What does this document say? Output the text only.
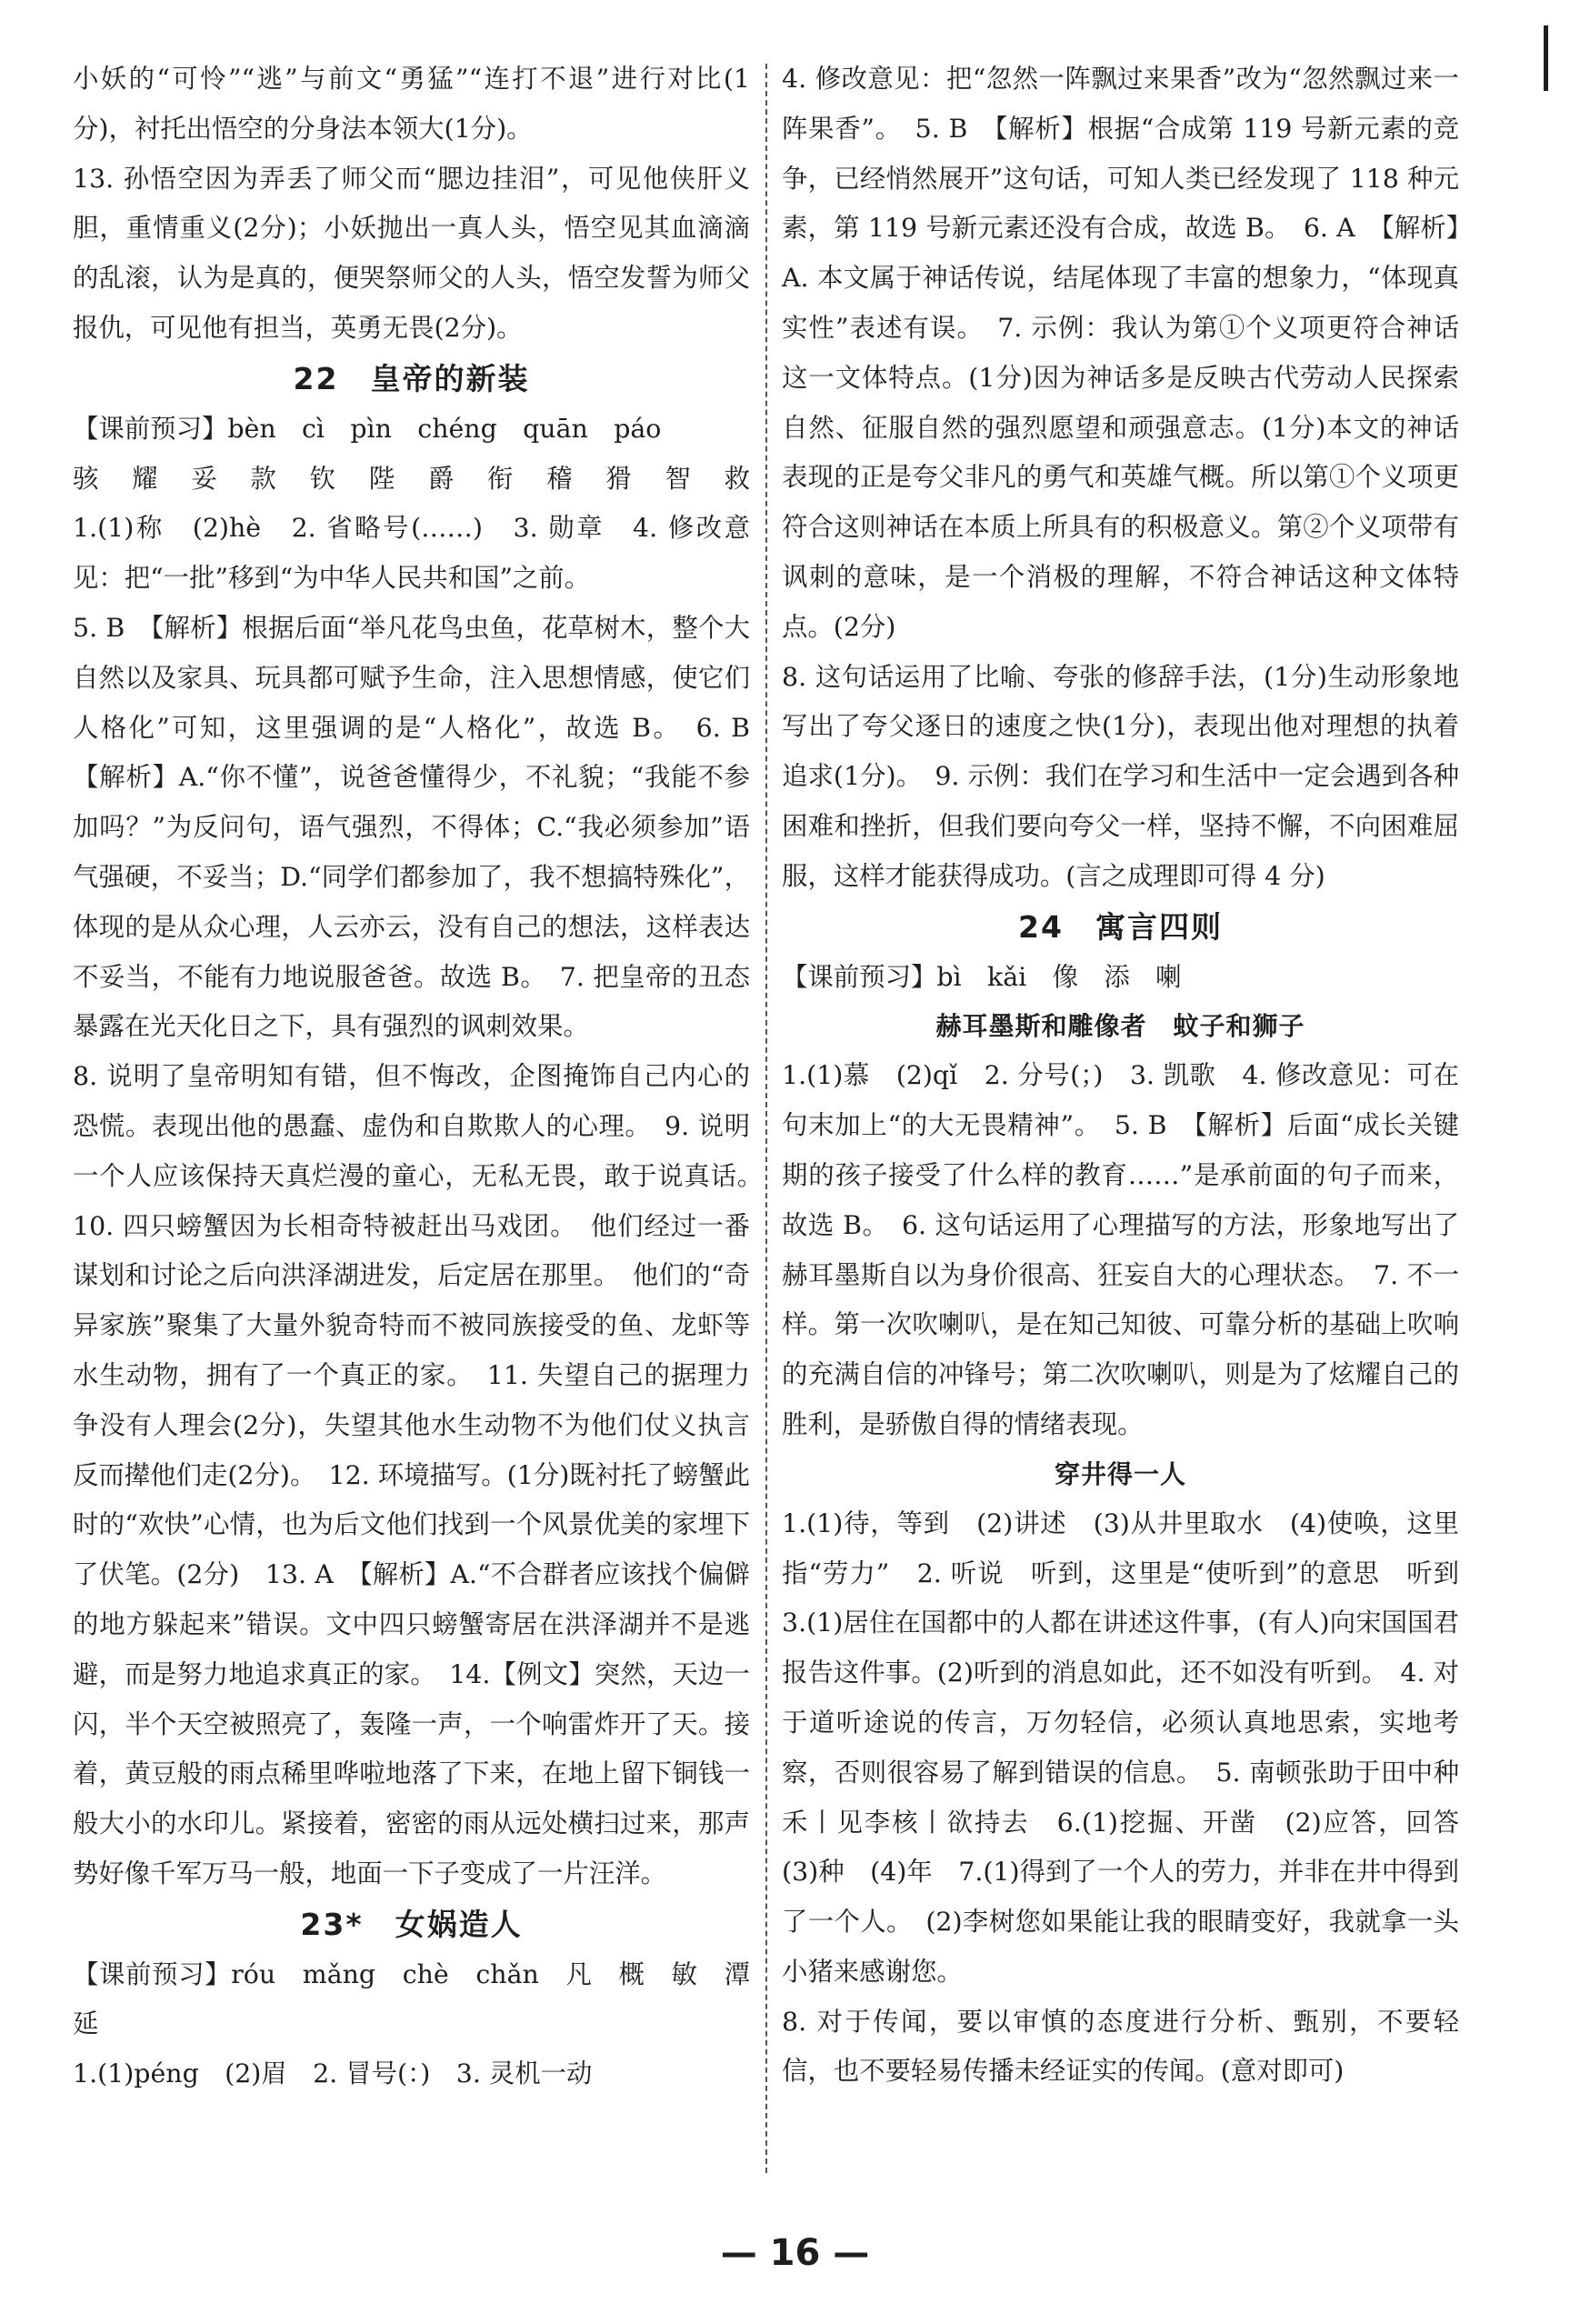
小妖的“可怜”“逃”与前文“勇猛”“连打不退”进行对比(1分)，衬托出悟空的分身法本领大(1分)。

13. 孙悟空因为弄丢了师父而“腮边挂泪”，可见他侠肝义胆，重情重义(2分)；小妖抛出一真人头，悟空见其血滴滴的乱滚，认为是真的，便哭祭师父的人头，悟空发誓为师父报仇，可见他有担当，英勇无畏(2分)。

22　皇帝的新装

【课前预习】bèn　cì　pìn　chéng　quān　páo

骇 耀 妥 款 钦 陛 爵 衔 稽 猾 智 救

1.(1)称　(2)hè　2. 省略号(……)　3. 勋章　4. 修改意见：把“一批”移到“为中华人民共和国”之前。

5. B　【解析】根据后面“举凡花鸟虫鱼，花草树木，整个大自然以及家具、玩具都可赋予生命，注入思想情感，使它们人格化”可知，这里强调的是“人格化”，故选 B。　6. B　【解析】A.“你不懂”，说爸爸懂得少，不礼貌；“我能不参加吗？”为反问句，语气强烈，不得体；C.“我必须参加”语气强硬，不妥当；D.“同学们都参加了，我不想搞特殊化”，体现的是从众心理，人云亦云，没有自己的想法，这样表达不妥当，不能有力地说服爸爸。故选 B。　7. 把皇帝的丑态暴露在光天化日之下，具有强烈的讽刺效果。

8. 说明了皇帝明知有错，但不悔改，企图掩饰自己内心的恐慌。表现出他的愚蠢、虚伪和自欺欺人的心理。　9. 说明一个人应该保持天真烂漫的童心，无私无畏，敢于说真话。　10. 四只螃蟹因为长相奇特被赶出马戏团。　他们经过一番谋划和讨论之后向洪泽湖进发，后定居在那里。　他们的“奇异家族”聚集了大量外貌奇特而不被同族接受的鱼、龙虾等水生动物，拥有了一个真正的家。　11. 失望自己的据理力争没有人理会(2分)，失望其他水生动物不为他们仗义执言反而撵他们走(2分)。　12. 环境描写。(1分)既衬托了螃蟹此时的“欢快”心情，也为后文他们找到一个风景优美的家埋下了伏笔。(2分)　13. A　【解析】A.“不合群者应该找个偏僻的地方躲起来”错误。文中四只螃蟹寄居在洪泽湖并不是逃避，而是努力地追求真正的家。　14.【例文】突然，天边一闪，半个天空被照亮了，轰隆一声，一个响雷炸开了天。接着，黄豆般的雨点稀里哗啦地落了下来，在地上留下铜钱一般大小的水印儿。紧接着，密密的雨从远处横扫过来，那声势好像千军万马一般，地面一下子变成了一片汪洋。

23*　女娲造人

【课前预习】róu　mǎng　chè　chǎn　凡　概　敏　潭　延

1.(1)péng　(2)眉　2. 冒号(：)　3. 灵机一动

4. 修改意见：把“忽然一阵飘过来果香”改为“忽然飘过来一阵果香”。　5. B　【解析】根据“合成第 119 号新元素的竞争，已经悄然展开”这句话，可知人类已经发现了 118 种元素，第 119 号新元素还没有合成，故选 B。　6. A　【解析】A. 本文属于神话传说，结尾体现了丰富的想象力，“体现真实性”表述有误。　7. 示例：我认为第①个义项更符合神话这一文体特点。(1分)因为神话多是反映古代劳动人民探索自然、征服自然的强烈愿望和顽强意志。(1分)本文的神话表现的正是夸父非凡的勇气和英雄气概。所以第①个义项更符合这则神话在本质上所具有的积极意义。第②个义项带有讽刺的意味，是一个消极的理解，不符合神话这种文体特点。(2分)

8. 这句话运用了比喻、夸张的修辞手法，(1分)生动形象地写出了夸父逐日的速度之快(1分)，表现出他对理想的执着追求(1分)。　9. 示例：我们在学习和生活中一定会遇到各种困难和挫折，但我们要向夸父一样，坚持不懈，不向困难屈服，这样才能获得成功。(言之成理即可得 4 分)

24　寓言四则

【课前预习】bì　kǎi　像　添　喇

赫耳墨斯和雕像者　蚊子和狮子

1.(1)慕　(2)qǐ　2. 分号(；)　3. 凯歌　4. 修改意见：可在句末加上“的大无畏精神”。　5. B　【解析】后面“成长关键期的孩子接受了什么样的教育……”是承前面的句子而来，故选 B。　6. 这句话运用了心理描写的方法，形象地写出了赫耳墨斯自以为身价很高、狂妄自大的心理状态。　7. 不一样。第一次吹喇叭，是在知己知彼、可靠分析的基础上吹响的充满自信的冲锋号；第二次吹喇叭，则是为了炫耀自己的胜利，是骄傲自得的情绪表现。

穿井得一人

1.(1)待，等到　(2)讲述　(3)从井里取水　(4)使唤，这里指“劳力”　2. 听说　听到，这里是“使听到”的意思　听到　3.(1)居住在国都中的人都在讲述这件事，(有人)向宋国国君报告这件事。(2)听到的消息如此，还不如没有听到。　4. 对于道听途说的传言，万勿轻信，必须认真地思索，实地考察，否则很容易了解到错误的信息。　5. 南顿张助于田中种禾丨见李核丨欲持去　6.(1)挖掘、开凿　(2)应答，回答　(3)种　(4)年　7.(1)得到了一个人的劳力，并非在井中得到了一个人。　(2)李树您如果能让我的眼睛变好，我就拿一头小猪来感谢您。

8. 对于传闻，要以审慎的态度进行分析、甄别，不要轻信，也不要轻易传播未经证实的传闻。(意对即可)

— 16 —
